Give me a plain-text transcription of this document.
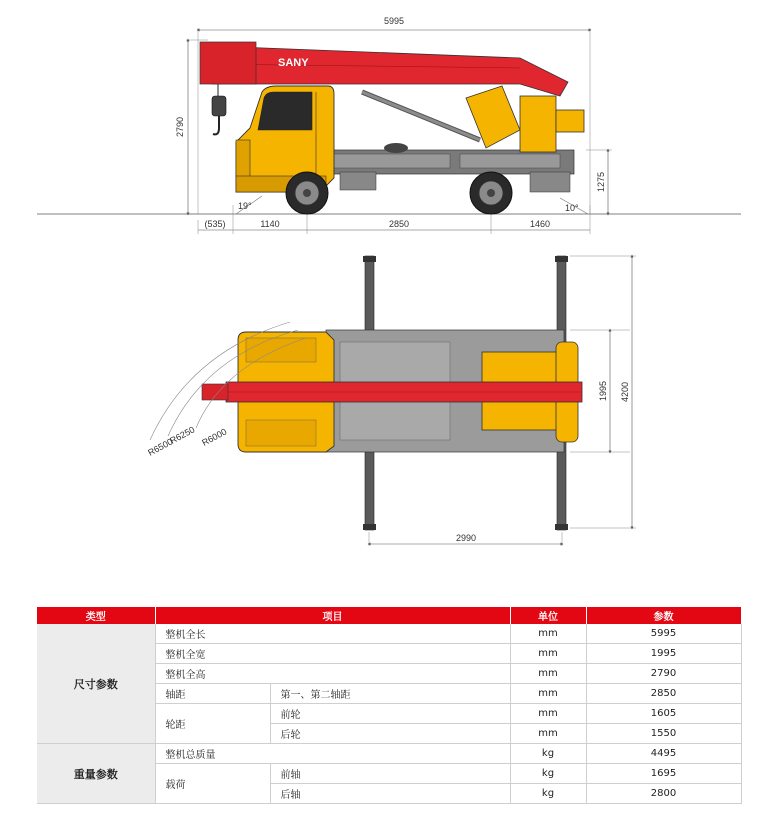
5995
2790
1275
(535)	1140	2850	1460
19°	10°
SANY
R6500
R6250 R6000
1995 4200
2990
类型	项目		单位	参数
尺寸参数	整机全长		mm	5995
	整机全宽		mm	1995
	整机全高		mm	2790
	轴距	第一、第二轴距	mm	2850
	轮距	前轮	mm	1605
		后轮	mm	1550
重量参数	整机总质量		kg	4495
	载荷	前轴	kg	1695
		后轴	kg	2800
